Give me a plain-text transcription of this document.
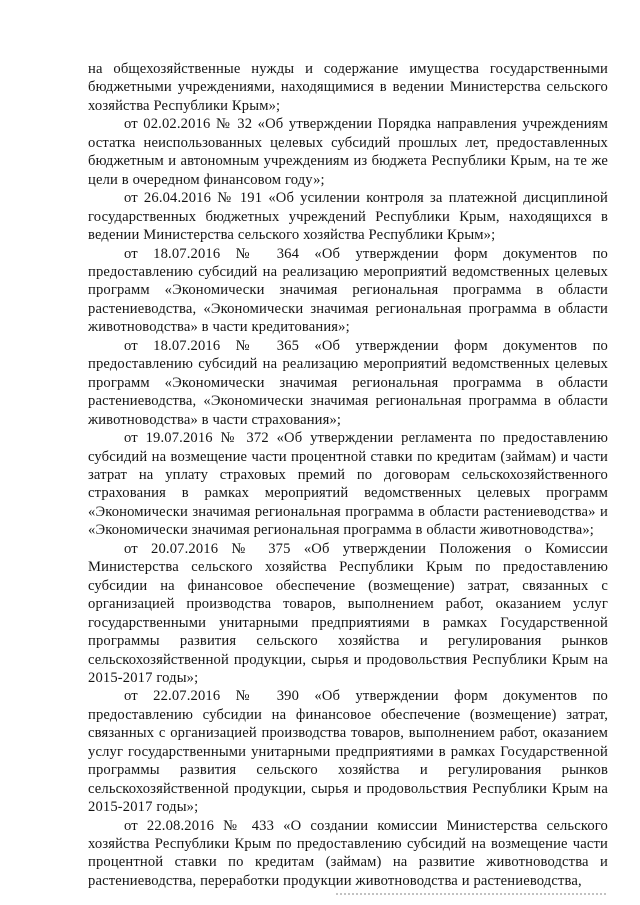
на общехозяйственные нужды и содержание имущества государственными бюджетными учреждениями, находящимися в ведении Министерства сельского хозяйства Республики Крым»;

от 02.02.2016 № 32 «Об утверждении Порядка направления учреждениям остатка неиспользованных целевых субсидий прошлых лет, предоставленных бюджетным и автономным учреждениям из бюджета Республики Крым, на те же цели в очередном финансовом году»;

от 26.04.2016 № 191 «Об усилении контроля за платежной дисциплиной государственных бюджетных учреждений Республики Крым, находящихся в ведении Министерства сельского хозяйства Республики Крым»;

от 18.07.2016 № 364 «Об утверждении форм документов по предоставлению субсидий на реализацию мероприятий ведомственных целевых программ «Экономически значимая региональная программа в области растениеводства, «Экономически значимая региональная программа в области животноводства» в части кредитования»;

от 18.07.2016 № 365 «Об утверждении форм документов по предоставлению субсидий на реализацию мероприятий ведомственных целевых программ «Экономически значимая региональная программа в области растениеводства, «Экономически значимая региональная программа в области животноводства» в части страхования»;

от 19.07.2016 № 372 «Об утверждении регламента по предоставлению субсидий на возмещение части процентной ставки по кредитам (займам) и части затрат на уплату страховых премий по договорам сельскохозяйственного страхования в рамках мероприятий ведомственных целевых программ «Экономически значимая региональная программа в области растениеводства» и «Экономически значимая региональная программа в области животноводства»;

от 20.07.2016 № 375 «Об утверждении Положения о Комиссии Министерства сельского хозяйства Республики Крым по предоставлению субсидии на финансовое обеспечение (возмещение) затрат, связанных с организацией производства товаров, выполнением работ, оказанием услуг государственными унитарными предприятиями в рамках Государственной программы развития сельского хозяйства и регулирования рынков сельскохозяйственной продукции, сырья и продовольствия Республики Крым на 2015-2017 годы»;

от 22.07.2016 № 390 «Об утверждении форм документов по предоставлению субсидии на финансовое обеспечение (возмещение) затрат, связанных с организацией производства товаров, выполнением работ, оказанием услуг государственными унитарными предприятиями в рамках Государственной программы развития сельского хозяйства и регулирования рынков сельскохозяйственной продукции, сырья и продовольствия Республики Крым на 2015-2017 годы»;

от 22.08.2016 № 433 «О создании комиссии Министерства сельского хозяйства Республики Крым по предоставлению субсидий на возмещение части процентной ставки по кредитам (займам) на развитие животноводства и растениеводства, переработки продукции животноводства и растениеводства,
